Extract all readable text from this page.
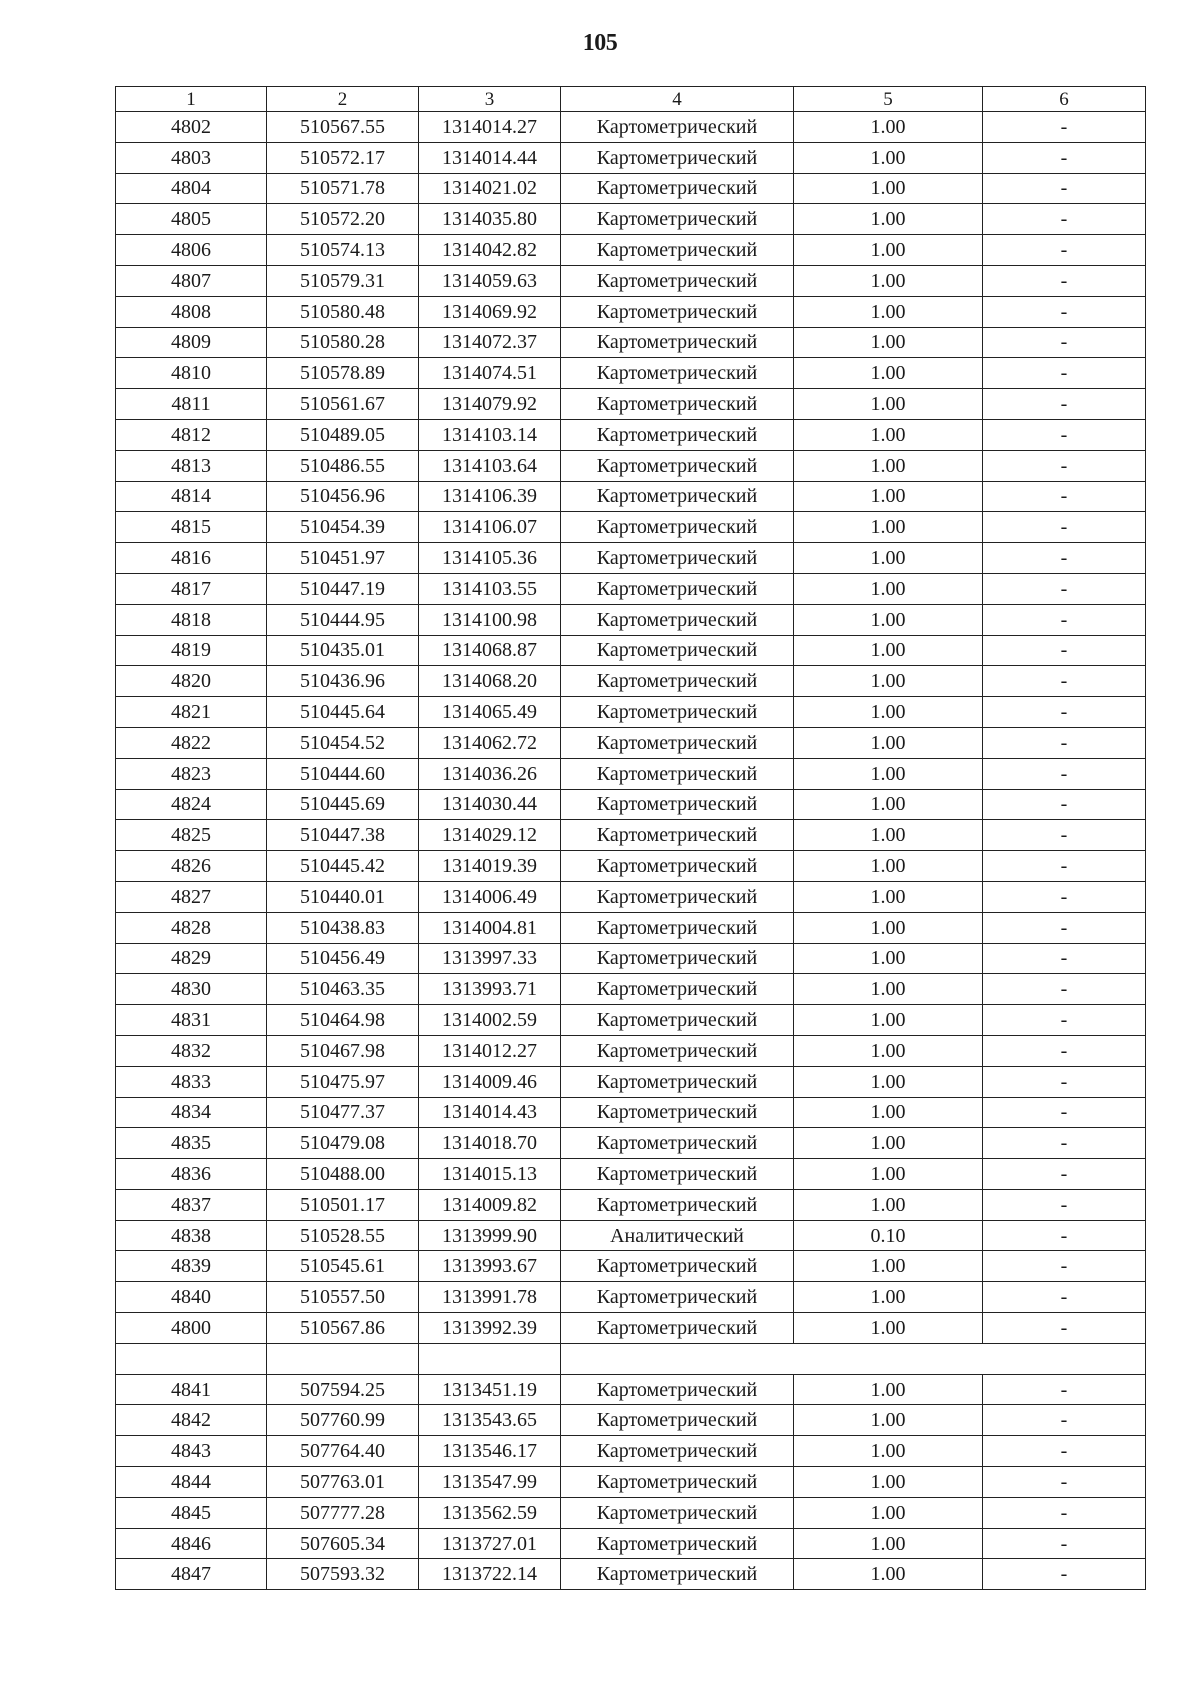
105
1	2	3	4	5	6
4802	510567.55	1314014.27	Картометрический	1.00	-
4803	510572.17	1314014.44	Картометрический	1.00	-
4804	510571.78	1314021.02	Картометрический	1.00	-
4805	510572.20	1314035.80	Картометрический	1.00	-
4806	510574.13	1314042.82	Картометрический	1.00	-
4807	510579.31	1314059.63	Картометрический	1.00	-
4808	510580.48	1314069.92	Картометрический	1.00	-
4809	510580.28	1314072.37	Картометрический	1.00	-
4810	510578.89	1314074.51	Картометрический	1.00	-
4811	510561.67	1314079.92	Картометрический	1.00	-
4812	510489.05	1314103.14	Картометрический	1.00	-
4813	510486.55	1314103.64	Картометрический	1.00	-
4814	510456.96	1314106.39	Картометрический	1.00	-
4815	510454.39	1314106.07	Картометрический	1.00	-
4816	510451.97	1314105.36	Картометрический	1.00	-
4817	510447.19	1314103.55	Картометрический	1.00	-
4818	510444.95	1314100.98	Картометрический	1.00	-
4819	510435.01	1314068.87	Картометрический	1.00	-
4820	510436.96	1314068.20	Картометрический	1.00	-
4821	510445.64	1314065.49	Картометрический	1.00	-
4822	510454.52	1314062.72	Картометрический	1.00	-
4823	510444.60	1314036.26	Картометрический	1.00	-
4824	510445.69	1314030.44	Картометрический	1.00	-
4825	510447.38	1314029.12	Картометрический	1.00	-
4826	510445.42	1314019.39	Картометрический	1.00	-
4827	510440.01	1314006.49	Картометрический	1.00	-
4828	510438.83	1314004.81	Картометрический	1.00	-
4829	510456.49	1313997.33	Картометрический	1.00	-
4830	510463.35	1313993.71	Картометрический	1.00	-
4831	510464.98	1314002.59	Картометрический	1.00	-
4832	510467.98	1314012.27	Картометрический	1.00	-
4833	510475.97	1314009.46	Картометрический	1.00	-
4834	510477.37	1314014.43	Картометрический	1.00	-
4835	510479.08	1314018.70	Картометрический	1.00	-
4836	510488.00	1314015.13	Картометрический	1.00	-
4837	510501.17	1314009.82	Картометрический	1.00	-
4838	510528.55	1313999.90	Аналитический	0.10	-
4839	510545.61	1313993.67	Картометрический	1.00	-
4840	510557.50	1313991.78	Картометрический	1.00	-
4800	510567.86	1313992.39	Картометрический	1.00	-

4841	507594.25	1313451.19	Картометрический	1.00	-
4842	507760.99	1313543.65	Картометрический	1.00	-
4843	507764.40	1313546.17	Картометрический	1.00	-
4844	507763.01	1313547.99	Картометрический	1.00	-
4845	507777.28	1313562.59	Картометрический	1.00	-
4846	507605.34	1313727.01	Картометрический	1.00	-
4847	507593.32	1313722.14	Картометрический	1.00	-
